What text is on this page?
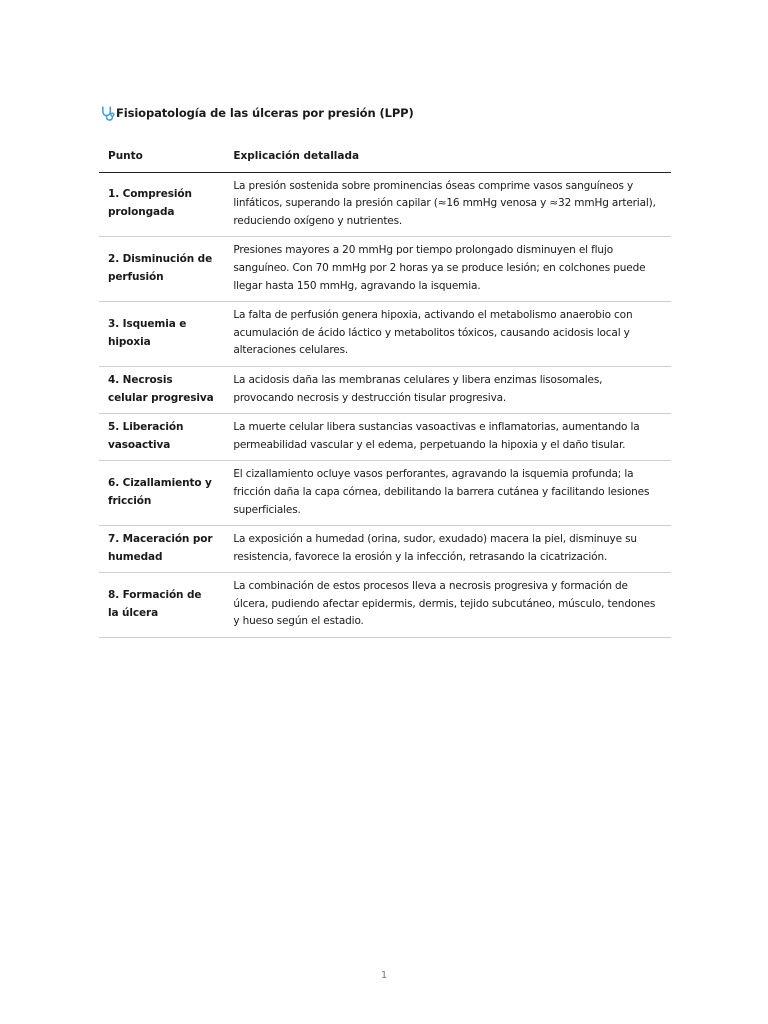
Fisiopatología de las úlceras por presión (LPP)
Punto	Explicación detallada
1. Compresión prolongada	La presión sostenida sobre prominencias óseas comprime vasos sanguíneos y linfáticos, superando la presión capilar (≈16 mmHg venosa y ≈32 mmHg arterial), reduciendo oxígeno y nutrientes.
2. Disminución de perfusión	Presiones mayores a 20 mmHg por tiempo prolongado disminuyen el flujo sanguíneo. Con 70 mmHg por 2 horas ya se produce lesión; en colchones puede llegar hasta 150 mmHg, agravando la isquemia.
3. Isquemia e hipoxia	La falta de perfusión genera hipoxia, activando el metabolismo anaerobio con acumulación de ácido láctico y metabolitos tóxicos, causando acidosis local y alteraciones celulares.
4. Necrosis celular progresiva	La acidosis daña las membranas celulares y libera enzimas lisosomales, provocando necrosis y destrucción tisular progresiva.
5. Liberación vasoactiva	La muerte celular libera sustancias vasoactivas e inflamatorias, aumentando la permeabilidad vascular y el edema, perpetuando la hipoxia y el daño tisular.
6. Cizallamiento y fricción	El cizallamiento ocluye vasos perforantes, agravando la isquemia profunda; la fricción daña la capa córnea, debilitando la barrera cutánea y facilitando lesiones superficiales.
7. Maceración por humedad	La exposición a humedad (orina, sudor, exudado) macera la piel, disminuye su resistencia, favorece la erosión y la infección, retrasando la cicatrización.
8. Formación de la úlcera	La combinación de estos procesos lleva a necrosis progresiva y formación de úlcera, pudiendo afectar epidermis, dermis, tejido subcutáneo, músculo, tendones y hueso según el estadio.
1
